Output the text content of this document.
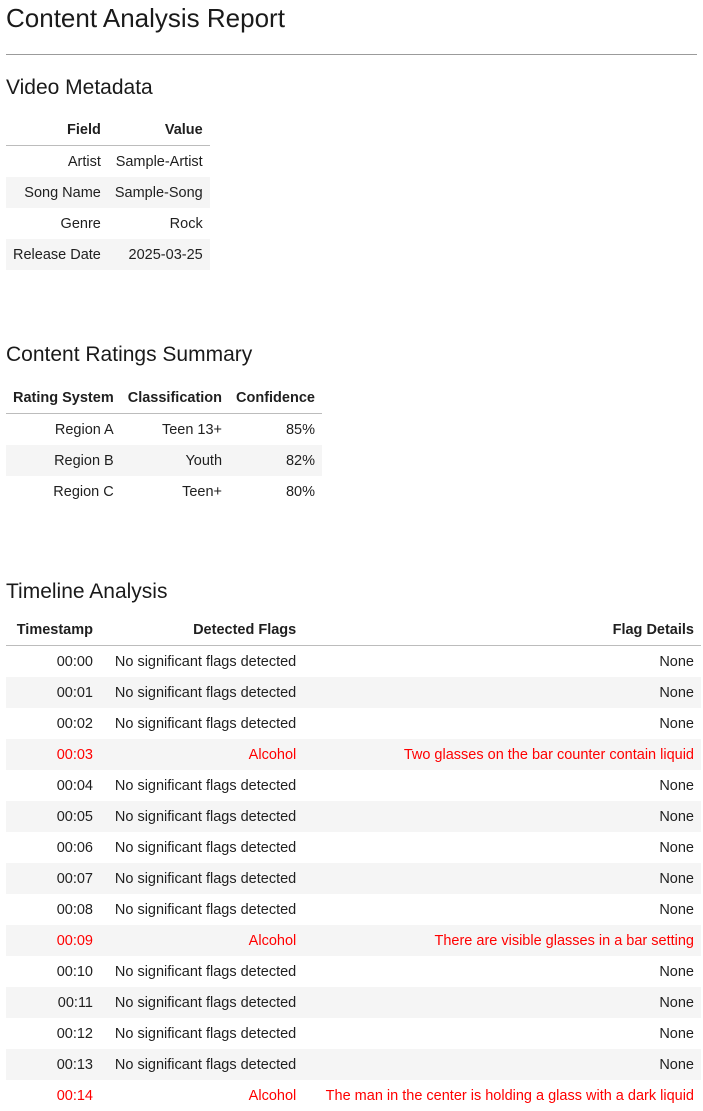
Content Analysis Report
Video Metadata
Field	Value
Artist	Sample-Artist
Song Name	Sample-Song
Genre	Rock
Release Date	2025-03-25
Content Ratings Summary
Rating System	Classification	Confidence
Region A	Teen 13+	85%
Region B	Youth	82%
Region C	Teen+	80%
Timeline Analysis
Timestamp	Detected Flags	Flag Details
00:00	No significant flags detected	None
00:01	No significant flags detected	None
00:02	No significant flags detected	None
00:03	Alcohol	Two glasses on the bar counter contain liquid
00:04	No significant flags detected	None
00:05	No significant flags detected	None
00:06	No significant flags detected	None
00:07	No significant flags detected	None
00:08	No significant flags detected	None
00:09	Alcohol	There are visible glasses in a bar setting
00:10	No significant flags detected	None
00:11	No significant flags detected	None
00:12	No significant flags detected	None
00:13	No significant flags detected	None
00:14	Alcohol	The man in the center is holding a glass with a dark liquid
